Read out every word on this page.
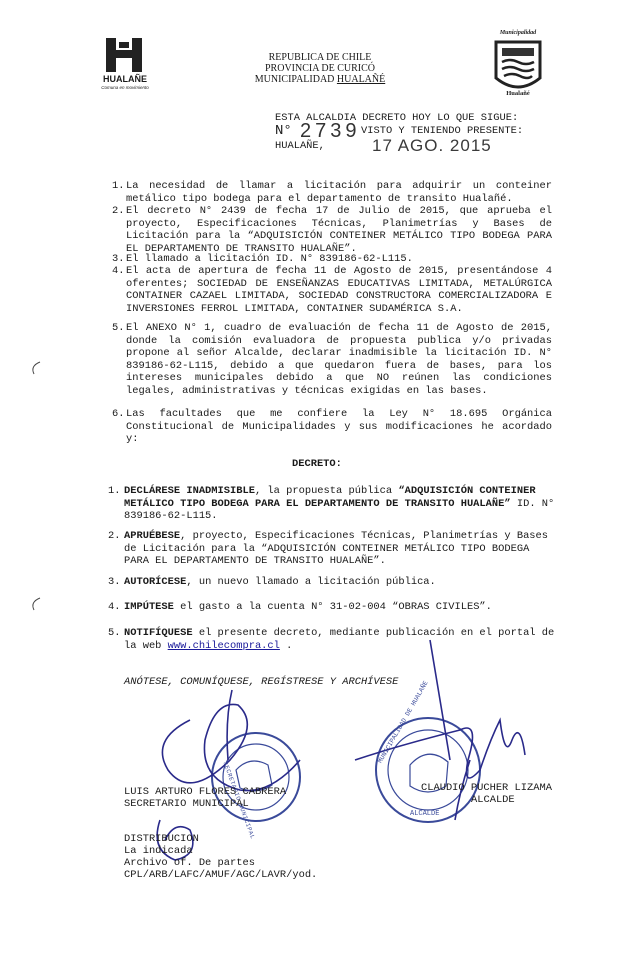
HUALAÑE
Comuna en movimiento
REPUBLICA DE CHILE
PROVINCIA DE CURICÓ
MUNICIPALIDAD HUALAÑÉ
Municipalidad
Hualañé
ESTA ALCALDIA DECRETO HOY LO QUE SIGUE:
N° 2739 VISTO Y TENIENDO PRESENTE:
HUALAÑE,	17 AGO. 2015
1. La necesidad de llamar a licitación para adquirir un conteiner metálico tipo bodega para el departamento de transito Hualañé.
2. El decreto N° 2439 de fecha 17 de Julio de 2015, que aprueba el proyecto, Especificaciones Técnicas, Planimetrías y Bases de Licitación para la “ADQUISICIÓN CONTEINER METÁLICO TIPO BODEGA PARA EL DEPARTAMENTO DE TRANSITO HUALAÑE”.
3. El llamado a licitación ID. N° 839186-62-L115.
4. El acta de apertura de fecha 11 de Agosto de 2015, presentándose 4 oferentes; SOCIEDAD DE ENSEÑANZAS EDUCATIVAS LIMITADA, METALÚRGICA CONTAINER CAZAEL LIMITADA, SOCIEDAD CONSTRUCTORA COMERCIALIZADORA E INVERSIONES FERROL LIMITADA, CONTAINER SUDAMÉRICA S.A.
5. El ANEXO N° 1, cuadro de evaluación de fecha 11 de Agosto de 2015, donde la comisión evaluadora de propuesta publica y/o privadas propone al señor Alcalde, declarar inadmisible la licitación ID. N° 839186-62-L115, debido a que quedaron fuera de bases, para los intereses municipales debido a que NO reúnen las condiciones legales, administrativas y técnicas exigidas en las bases.
6. Las facultades que me confiere la Ley N° 18.695 Orgánica Constitucional de Municipalidades y sus modificaciones he acordado y:
DECRETO:
1. DECLÁRESE INADMISIBLE, la propuesta pública “ADQUISICIÓN CONTEINER METÁLICO TIPO BODEGA PARA EL DEPARTAMENTO DE TRANSITO HUALAÑE” ID. N° 839186-62-L115.
2. APRUÉBESE, proyecto, Especificaciones Técnicas, Planimetrías y Bases de Licitación para la “ADQUISICIÓN CONTEINER METÁLICO TIPO BODEGA PARA EL DEPARTAMENTO DE TRANSITO HUALAÑE”.
3. AUTORÍCESE, un nuevo llamado a licitación pública.
4. IMPÚTESE el gasto a la cuenta N° 31-02-004 “OBRAS CIVILES”.
5. NOTIFÍQUESE el presente decreto, mediante publicación en el portal de la web www.chilecompra.cl .
ANÓTESE, COMUNÍQUESE, REGÍSTRESE Y ARCHÍVESE
SECRETARIO MUNICIPAL
MUNICIPALIDAD DE HUALAÑE
ALCALDE
LUIS ARTURO FLORES CABRERA
SECRETARIO MUNICIPAL
CLAUDIO PUCHER LIZAMA
ALCALDE
DISTRIBUCION
La indicada
Archivo of. De partes
CPL/ARB/LAFC/AMUF/AGC/LAVR/yod.
